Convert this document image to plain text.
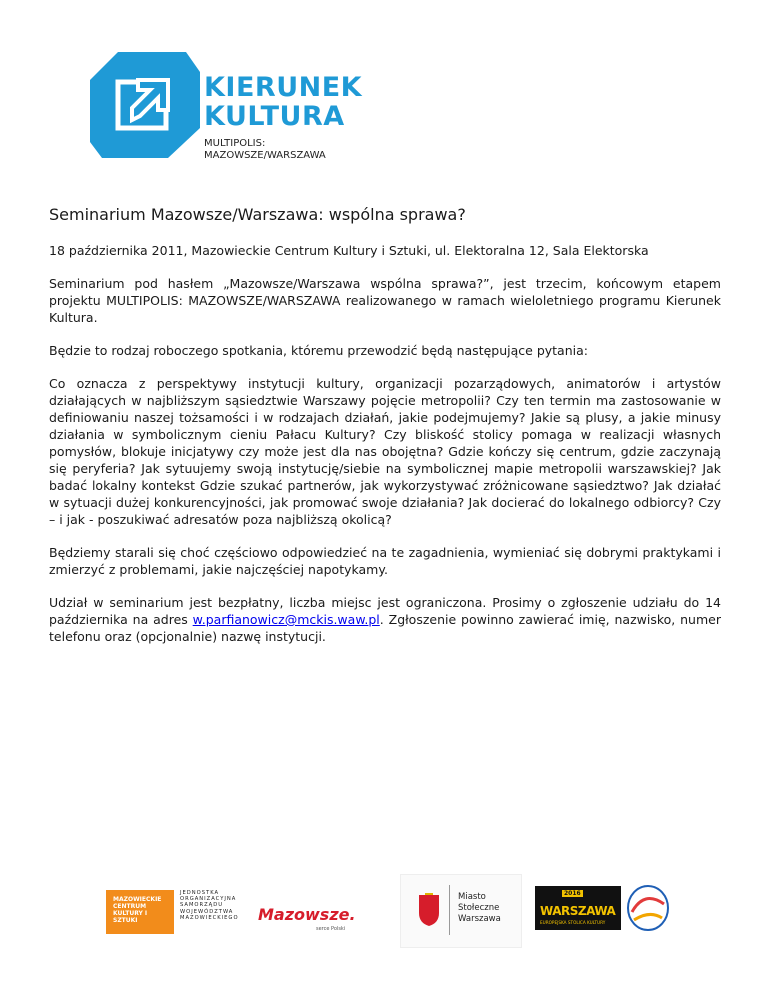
KIERUNEK
KULTURA
MULTIPOLIS:
MAZOWSZE/WARSZAWA
Seminarium Mazowsze/Warszawa: wspólna sprawa?

18 października 2011, Mazowieckie Centrum Kultury i Sztuki, ul. Elektoralna 12, Sala Elektorska

Seminarium pod hasłem „Mazowsze/Warszawa wspólna sprawa?”, jest trzecim, końcowym etapem projektu MULTIPOLIS: MAZOWSZE/WARSZAWA realizowanego w ramach wieloletniego programu Kierunek Kultura.

Będzie to rodzaj roboczego spotkania, któremu przewodzić będą następujące pytania:

Co oznacza z perspektywy instytucji kultury, organizacji pozarządowych, animatorów i artystów działających w najbliższym sąsiedztwie Warszawy pojęcie metropolii? Czy ten termin ma zastosowanie w definiowaniu naszej tożsamości i w rodzajach działań, jakie podejmujemy? Jakie są plusy, a jakie minusy działania w symbolicznym cieniu Pałacu Kultury? Czy bliskość stolicy pomaga w realizacji własnych pomysłów, blokuje inicjatywy czy może jest dla nas obojętna? Gdzie kończy się centrum, gdzie zaczynają się peryferia? Jak sytuujemy swoją instytucję/siebie na symbolicznej mapie metropolii warszawskiej? Jak badać lokalny kontekst Gdzie szukać partnerów, jak wykorzystywać zróżnicowane sąsiedztwo? Jak działać w sytuacji dużej konkurencyjności, jak promować swoje działania? Jak docierać do lokalnego odbiorcy? Czy – i jak - poszukiwać adresatów poza najbliższą okolicą?

Będziemy starali się choć częściowo odpowiedzieć na te zagadnienia, wymieniać się dobrymi praktykami i zmierzyć z problemami, jakie najczęściej napotykamy.

Udział w seminarium jest bezpłatny, liczba miejsc jest ograniczona. Prosimy o zgłoszenie udziału do 14 października na adres w.parfianowicz@mckis.waw.pl. Zgłoszenie powinno zawierać imię, nazwisko, numer telefonu oraz (opcjonalnie) nazwę instytucji.

MAZOWIECKIE CENTRUM KULTURY I SZTUKI
JEDNOSTKA ORGANIZACYJNA SAMORZĄDU WOJEWÓDZTWA MAZOWIECKIEGO Mazowsze.
serce Polski
Miasto Stołeczne Warszawa
2016
WARSZAWA
EUROPEJSKA STOLICA KULTURY
